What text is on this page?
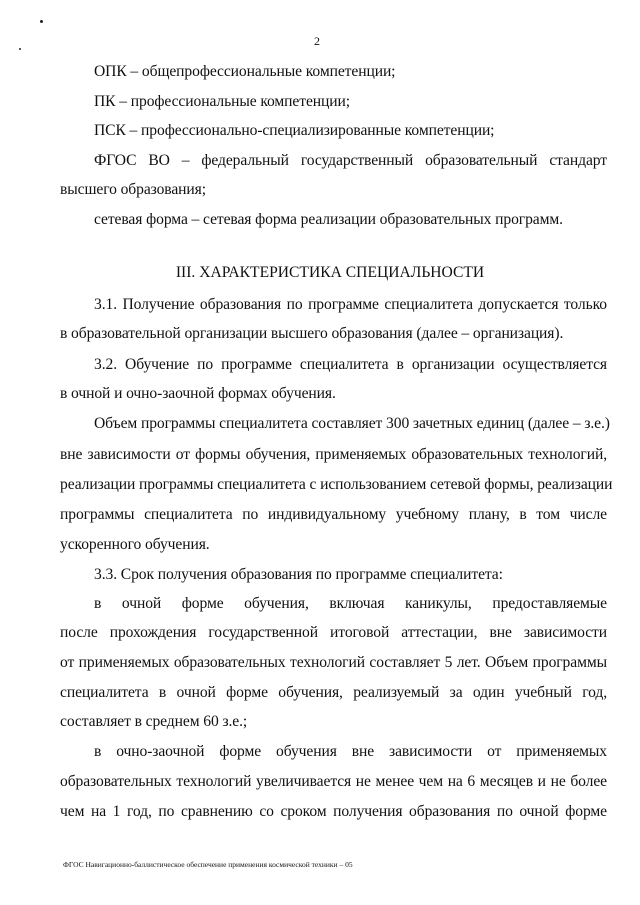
2
ОПК – общепрофессиональные компетенции;
ПК – профессиональные компетенции;
ПСК – профессионально-специализированные компетенции;
ФГОС ВО – федеральный государственный образовательный стандарт
высшего образования;
сетевая форма – сетевая форма реализации образовательных программ.
III. ХАРАКТЕРИСТИКА СПЕЦИАЛЬНОСТИ
3.1. Получение образования по программе специалитета допускается только
в образовательной организации высшего образования (далее – организация).
3.2. Обучение по программе специалитета в организации осуществляется
в очной и очно-заочной формах обучения.
Объем программы специалитета составляет 300 зачетных единиц (далее – з.е.)
вне зависимости от формы обучения, применяемых образовательных технологий,
реализации программы специалитета с использованием сетевой формы, реализации
программы специалитета по индивидуальному учебному плану, в том числе
ускоренного обучения.
3.3. Срок получения образования по программе специалитета:
в очной форме обучения, включая каникулы, предоставляемые
после прохождения государственной итоговой аттестации, вне зависимости
от применяемых образовательных технологий составляет 5 лет. Объем программы
специалитета в очной форме обучения, реализуемый за один учебный год,
составляет в среднем 60 з.е.;
в очно-заочной форме обучения вне зависимости от применяемых
образовательных технологий увеличивается не менее чем на 6 месяцев и не более
чем на 1 год, по сравнению со сроком получения образования по очной форме
ФГОС Навигационно-баллистическое обеспечение применения космической техники – 05
